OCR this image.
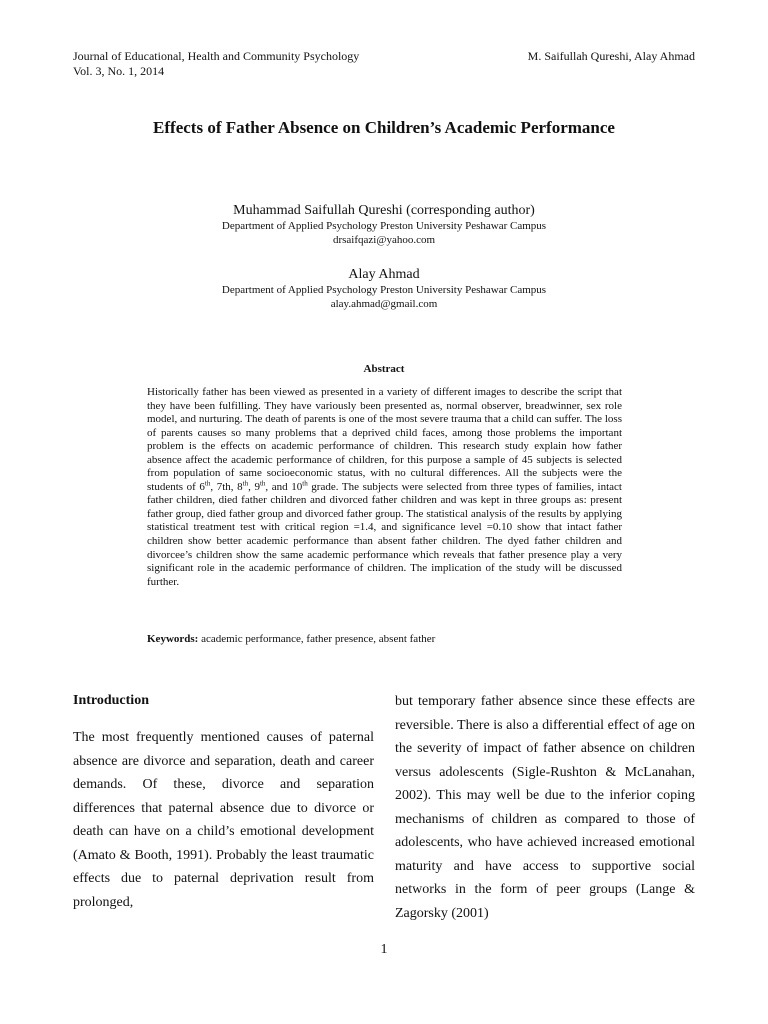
Journal of Educational, Health and Community Psychology
Vol. 3, No. 1, 2014
M. Saifullah Qureshi, Alay Ahmad
Effects of Father Absence on Children’s Academic Performance
Muhammad Saifullah Qureshi (corresponding author)
Department of Applied Psychology Preston University Peshawar Campus
drsaifqazi@yahoo.com
Alay Ahmad
Department of Applied Psychology Preston University Peshawar Campus
alay.ahmad@gmail.com
Abstract
Historically father has been viewed as presented in a variety of different images to describe the script that they have been fulfilling. They have variously been presented as, normal observer, breadwinner, sex role model, and nurturing. The death of parents is one of the most severe trauma that a child can suffer. The loss of parents causes so many problems that a deprived child faces, among those problems the important problem is the effects on academic performance of children. This research study explain how father absence affect the academic performance of children, for this purpose a sample of 45 subjects is selected from population of same socioeconomic status, with no cultural differences. All the subjects were the students of 6th, 7th, 8th, 9th, and 10th grade. The subjects were selected from three types of families, intact father children, died father children and divorced father children and was kept in three groups as: present father group, died father group and divorced father group. The statistical analysis of the results by applying statistical treatment test with critical region =1.4, and significance level =0.10 show that intact father children show better academic performance than absent father children. The dyed father children and divorcee’s children show the same academic performance which reveals that father presence play a very significant role in the academic performance of children. The implication of the study will be discussed further.
Keywords: academic performance, father presence, absent father
Introduction
The most frequently mentioned causes of paternal absence are divorce and separation, death and career demands. Of these, divorce and separation differences that paternal absence due to divorce or death can have on a child’s emotional development (Amato & Booth, 1991). Probably the least traumatic effects due to paternal deprivation result from prolonged,
but temporary father absence since these effects are reversible. There is also a differential effect of age on the severity of impact of father absence on children versus adolescents (Sigle-Rushton & McLanahan, 2002). This may well be due to the inferior coping mechanisms of children as compared to those of adolescents, who have achieved increased emotional maturity and have access to supportive social networks in the form of peer groups (Lange & Zagorsky (2001)
1
